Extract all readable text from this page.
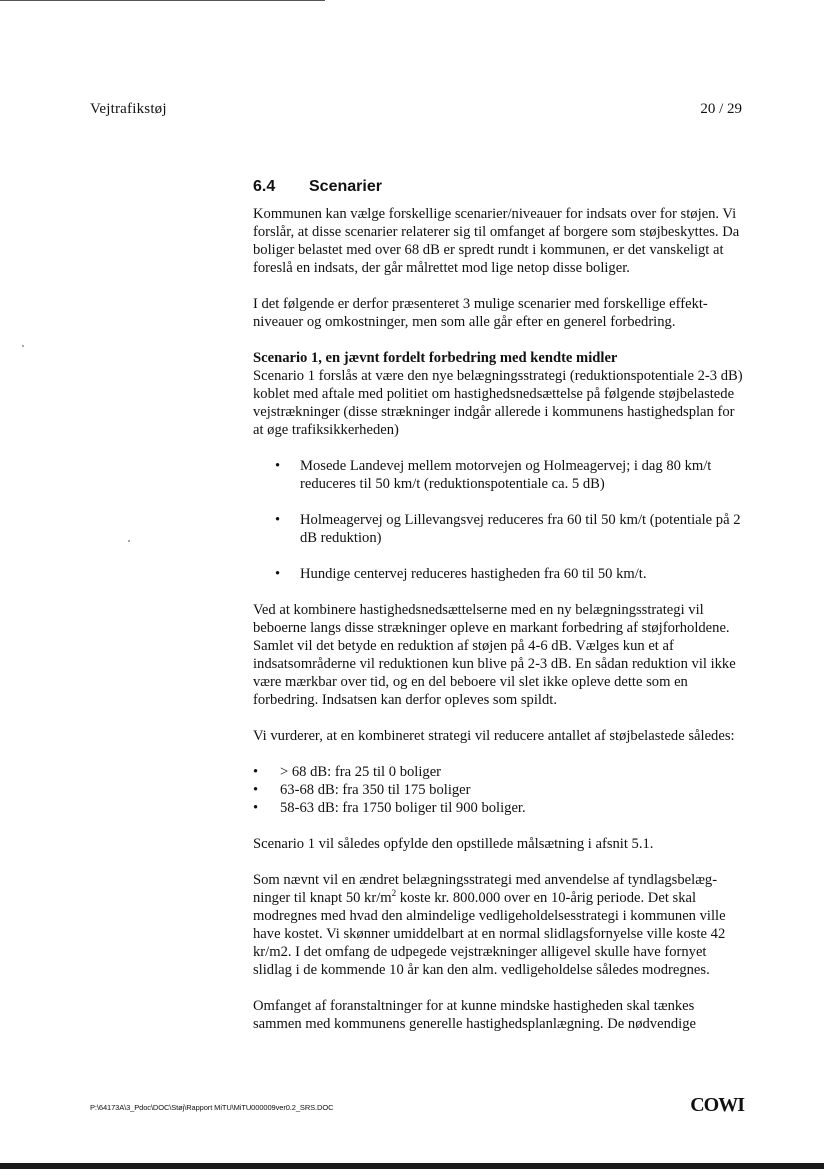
Vejtrafikstøj	20 / 29
6.4 Scenarier

Kommunen kan vælge forskellige scenarier/niveauer for indsats over for støjen. Vi forslår, at disse scenarier relaterer sig til omfanget af borgere som støjbeskyttes. Da boliger belastet med over 68 dB er spredt rundt i kommunen, er det vanskeligt at foreslå en indsats, der går målrettet mod lige netop disse boliger.

I det følgende er derfor præsenteret 3 mulige scenarier med forskellige effektniveauer og omkostninger, men som alle går efter en generel forbedring.

Scenario 1, en jævnt fordelt forbedring med kendte midler

Scenario 1 forslås at være den nye belægningsstrategi (reduktionspotentiale 2-3 dB) koblet med aftale med politiet om hastighedsnedsættelse på følgende støjbelastede vejstrækninger (disse strækninger indgår allerede i kommunens hastighedsplan for at øge trafiksikkerheden)

• Mosede Landevej mellem motorvejen og Holmeagervej; i dag 80 km/t reduceres til 50 km/t (reduktionspotentiale ca. 5 dB)
• Holmeagervej og Lillevangsvej reduceres fra 60 til 50 km/t (potentiale på 2 dB reduktion)
• Hundige centervej reduceres hastigheden fra 60 til 50 km/t.

Ved at kombinere hastighedsnedsættelserne med en ny belægningsstrategi vil beboerne langs disse strækninger opleve en markant forbedring af støjforholdene. Samlet vil det betyde en reduktion af støjen på 4-6 dB. Vælges kun et af indsatsområderne vil reduktionen kun blive på 2-3 dB. En sådan reduktion vil ikke være mærkbar over tid, og en del beboere vil slet ikke opleve dette som en forbedring. Indsatsen kan derfor opleves som spildt.

Vi vurderer, at en kombineret strategi vil reducere antallet af støjbelastede således:

• > 68 dB: fra 25 til 0 boliger
• 63-68 dB: fra 350 til 175 boliger
• 58-63 dB: fra 1750 boliger til 900 boliger.

Scenario 1 vil således opfylde den opstillede målsætning i afsnit 5.1.

Som nævnt vil en ændret belægningsstrategi med anvendelse af tyndlagsbelægninger til knapt 50 $kr/m^2$ koste kr. 800.000 over en 10-årig periode. Det skal modregnes med hvad den almindelige vedligeholdelsesstrategi i kommunen ville have kostet. Vi skønner umiddelbart at en normal slidlagsfornyelse ville koste 42 kr/m2. I det omfang de udpegede vejstrækninger alligevel skulle have fornyet slidlag i de kommende 10 år kan den alm. vedligeholdelse således modregnes.

Omfanget af foranstaltninger for at kunne mindske hastigheden skal tænkes sammen med kommunens generelle hastighedsplanlægning. De nødvendige

P:\64173A\3_Pdoc\DOC\Støj\Rapport MiTU\MiTU000009ver0.2_SRS.DOC	COWI
